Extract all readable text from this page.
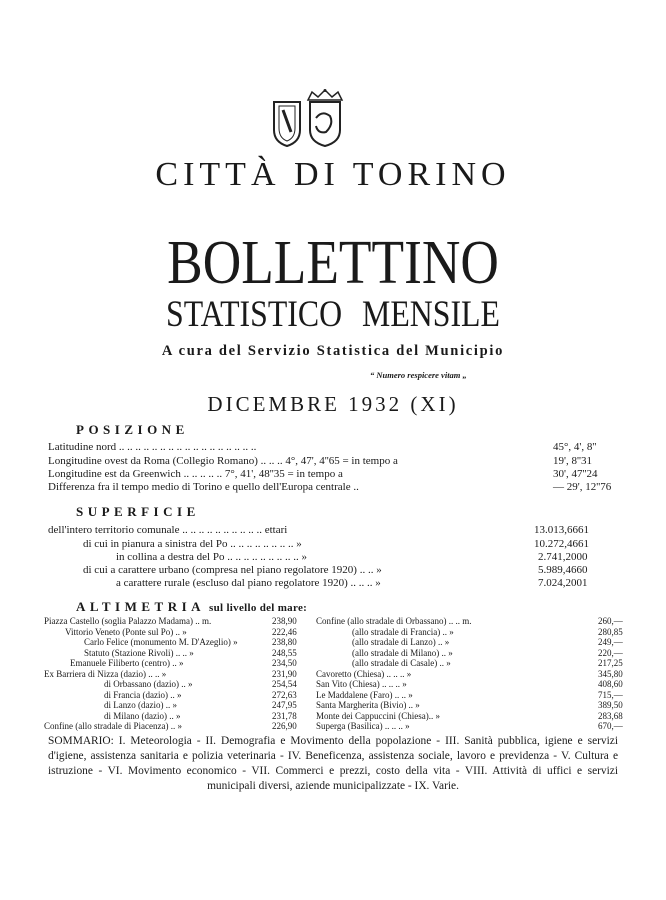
CITTÀ DI TORINO
BOLLETTINO
STATISTICO MENSILE
A cura del Servizio Statistica del Municipio
“ Numero respicere vitam „
DICEMBRE 1932 (XI)
POSIZIONE
Latitudine nord .. .. .. .. .. .. .. .. .. .. .. .. .. .. .. .. ..	45°, 4', 8''
Longitudine ovest da Roma (Collegio Romano) .. .. .. 4°, 47', 4''65 = in tempo a	19', 8''31
Longitudine est da Greenwich .. .. .. .. .. 7°, 41', 48''35 = in tempo a	30', 47''24
Differenza fra il tempo medio di Torino e quello dell'Europa centrale ..	— 29', 12''76
SUPERFICIE
dell'intero territorio comunale .. .. .. .. .. .. .. .. .. .. ettari	13.013,6661
di cui in pianura a sinistra del Po .. .. .. .. .. .. .. .. »	10.272,4661
in collina a destra del Po .. .. .. .. .. .. .. .. .. »	2.741,2000
di cui a carattere urbano (compresa nel piano regolatore 1920) .. .. »	5.989,4660
a carattere rurale (escluso dal piano regolatore 1920) .. .. .. »	7.024,2001
ALTIMETRIA sul livello del mare:
Piazza Castello (soglia Palazzo Madama) .. m.	238,90
Vittorio Veneto (Ponte sul Po) .. »	222,46
Carlo Felice (monumento M. D'Azeglio) »	238,80
Statuto (Stazione Rivoli) .. .. »	248,55
Emanuele Filiberto (centro) .. »	234,50
Ex Barriera di Nizza (dazio) .. .. »	231,90
di Orbassano (dazio) .. »	254,54
di Francia (dazio) .. »	272,63
di Lanzo (dazio) .. »	247,95
di Milano (dazio) .. »	231,78
Confine (allo stradale di Piacenza) .. »	226,90
Confine (allo stradale di Orbassano) .. .. m.	260,—
(allo stradale di Francia) .. »	280,85
(allo stradale di Lanzo) .. »	249,—
(allo stradale di Milano) .. »	220,—
(allo stradale di Casale) .. »	217,25
Cavoretto (Chiesa) .. .. .. »	345,80
San Vito (Chiesa) .. .. .. »	408,60
Le Maddalene (Faro) .. .. »	715,—
Santa Margherita (Bivio) .. »	389,50
Monte dei Cappuccini (Chiesa).. »	283,68
Superga (Basilica) .. .. .. »	670,—
SOMMARIO: I. Meteorologia - II. Demografia e Movimento della popolazione - III. Sanità pubblica, igiene e servizi d'igiene, assistenza sanitaria e polizia veterinaria - IV. Beneficenza, assistenza sociale, lavoro e previdenza - V. Cultura e istruzione - VI. Movimento economico - VII. Commerci e prezzi, costo della vita - VIII. Attività di uffici e servizi municipali diversi, aziende municipalizzate - IX. Varie.
